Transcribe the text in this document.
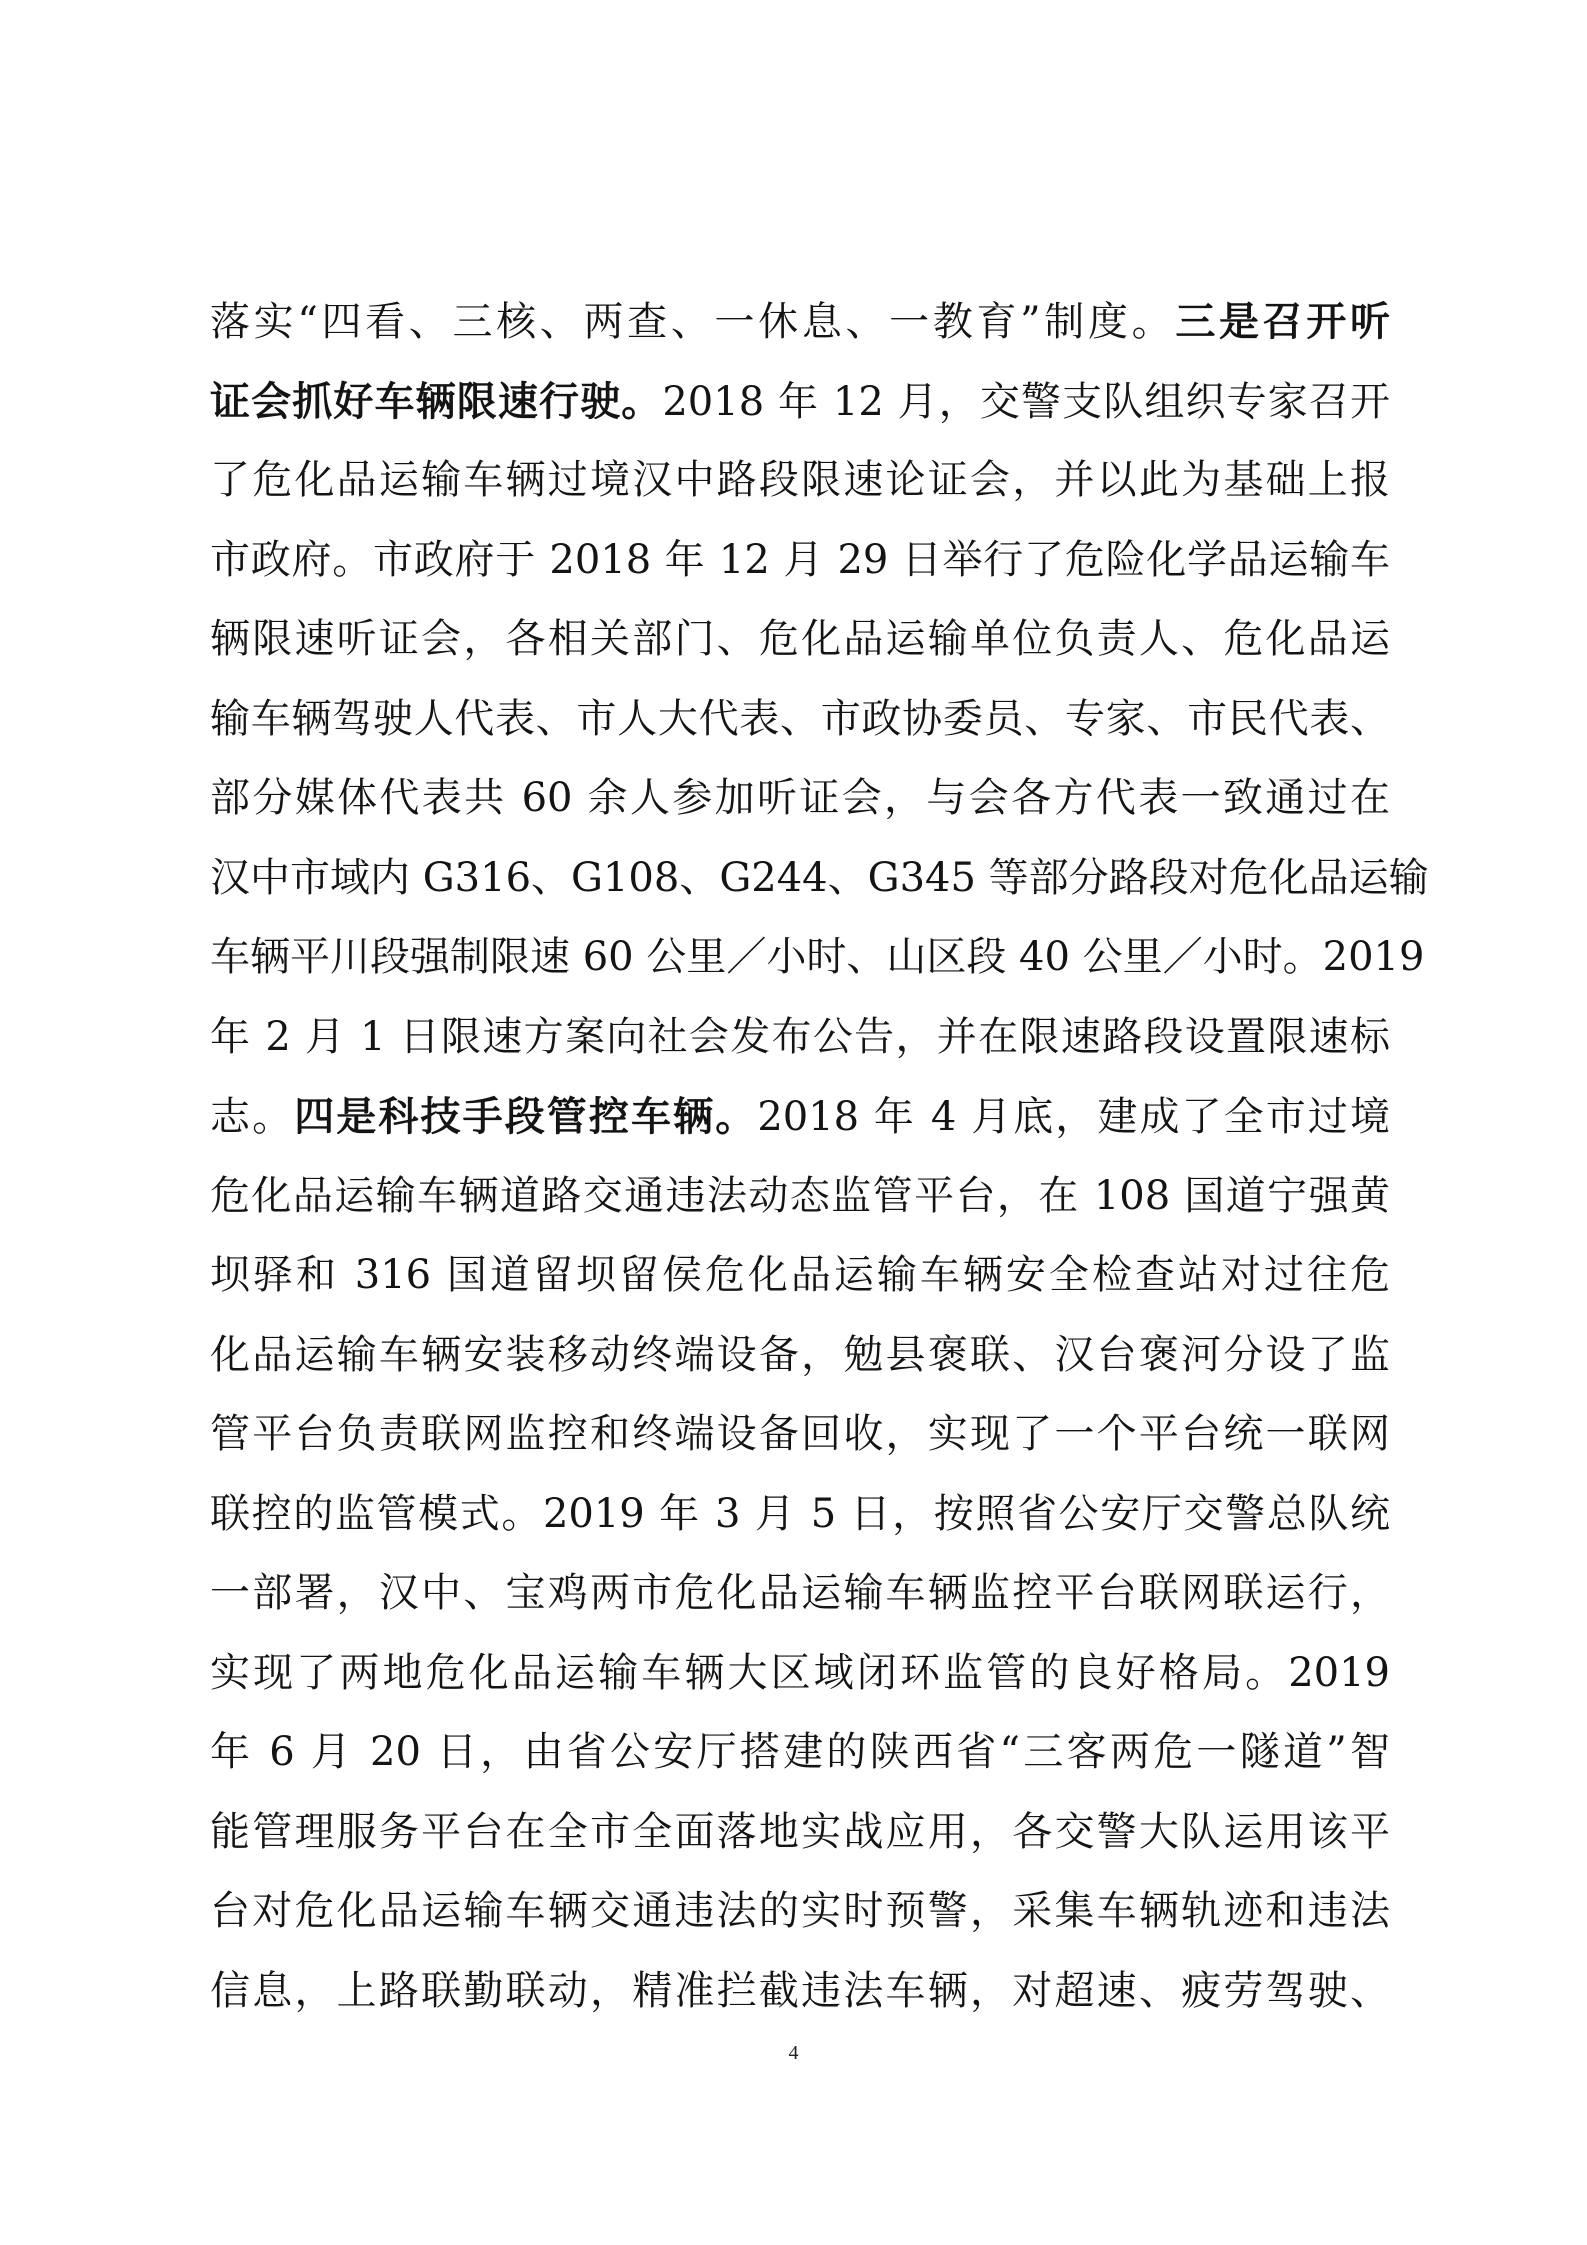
落实“四看、三核、两查、一休息、一教育”制度。三是召开听
证会抓好车辆限速行驶。2018 年 12 月，交警支队组织专家召开
了危化品运输车辆过境汉中路段限速论证会，并以此为基础上报
市政府。市政府于 2018 年 12 月 29 日举行了危险化学品运输车
辆限速听证会，各相关部门、危化品运输单位负责人、危化品运
输车辆驾驶人代表、市人大代表、市政协委员、专家、市民代表、
部分媒体代表共 60 余人参加听证会，与会各方代表一致通过在
汉中市域内 G316、G108、G244、G345 等部分路段对危化品运输
车辆平川段强制限速 60 公里／小时、山区段 40 公里／小时。2019
年 2 月 1 日限速方案向社会发布公告，并在限速路段设置限速标
志。四是科技手段管控车辆。2018 年 4 月底，建成了全市过境
危化品运输车辆道路交通违法动态监管平台，在 108 国道宁强黄
坝驿和 316 国道留坝留侯危化品运输车辆安全检查站对过往危
化品运输车辆安装移动终端设备，勉县褒联、汉台褒河分设了监
管平台负责联网监控和终端设备回收，实现了一个平台统一联网
联控的监管模式。2019 年 3 月 5 日，按照省公安厅交警总队统
一部署，汉中、宝鸡两市危化品运输车辆监控平台联网联运行，
实现了两地危化品运输车辆大区域闭环监管的良好格局。2019
年 6 月 20 日，由省公安厅搭建的陕西省“三客两危一隧道”智
能管理服务平台在全市全面落地实战应用，各交警大队运用该平
台对危化品运输车辆交通违法的实时预警，采集车辆轨迹和违法
信息，上路联勤联动，精准拦截违法车辆，对超速、疲劳驾驶、
4
